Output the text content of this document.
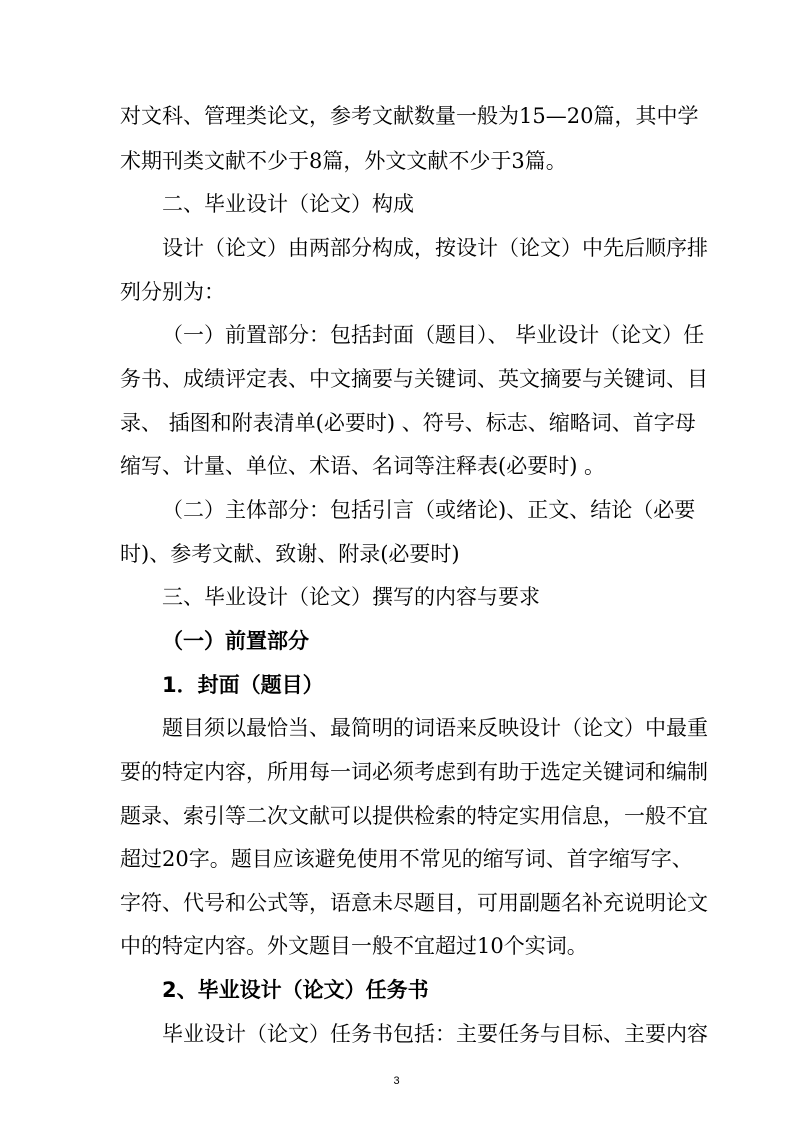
对文科、管理类论文，参考文献数量一般为15—20篇，其中学
术期刊类文献不少于8篇，外文文献不少于3篇。
二、毕业设计（论文）构成
设计（论文）由两部分构成，按设计（论文）中先后顺序排
列分别为：
（一）前置部分：包括封面（题目）、 毕业设计（论文）任
务书、成绩评定表、中文摘要与关键词、英文摘要与关键词、目
录、 插图和附表清单(必要时) 、符号、标志、缩略词、首字母
缩写、计量、单位、术语、名词等注释表(必要时) 。
（二）主体部分：包括引言（或绪论)、正文、结论（必要
时)、参考文献、致谢、附录(必要时)
三、毕业设计（论文）撰写的内容与要求
（一）前置部分
1．封面（题目）
题目须以最恰当、最简明的词语来反映设计（论文）中最重
要的特定内容，所用每一词必须考虑到有助于选定关键词和编制
题录、索引等二次文献可以提供检索的特定实用信息，一般不宜
超过20字。题目应该避免使用不常见的缩写词、首字缩写字、
字符、代号和公式等，语意未尽题目，可用副题名补充说明论文
中的特定内容。外文题目一般不宜超过10个实词。
2、毕业设计（论文）任务书
毕业设计（论文）任务书包括：主要任务与目标、主要内容
3
